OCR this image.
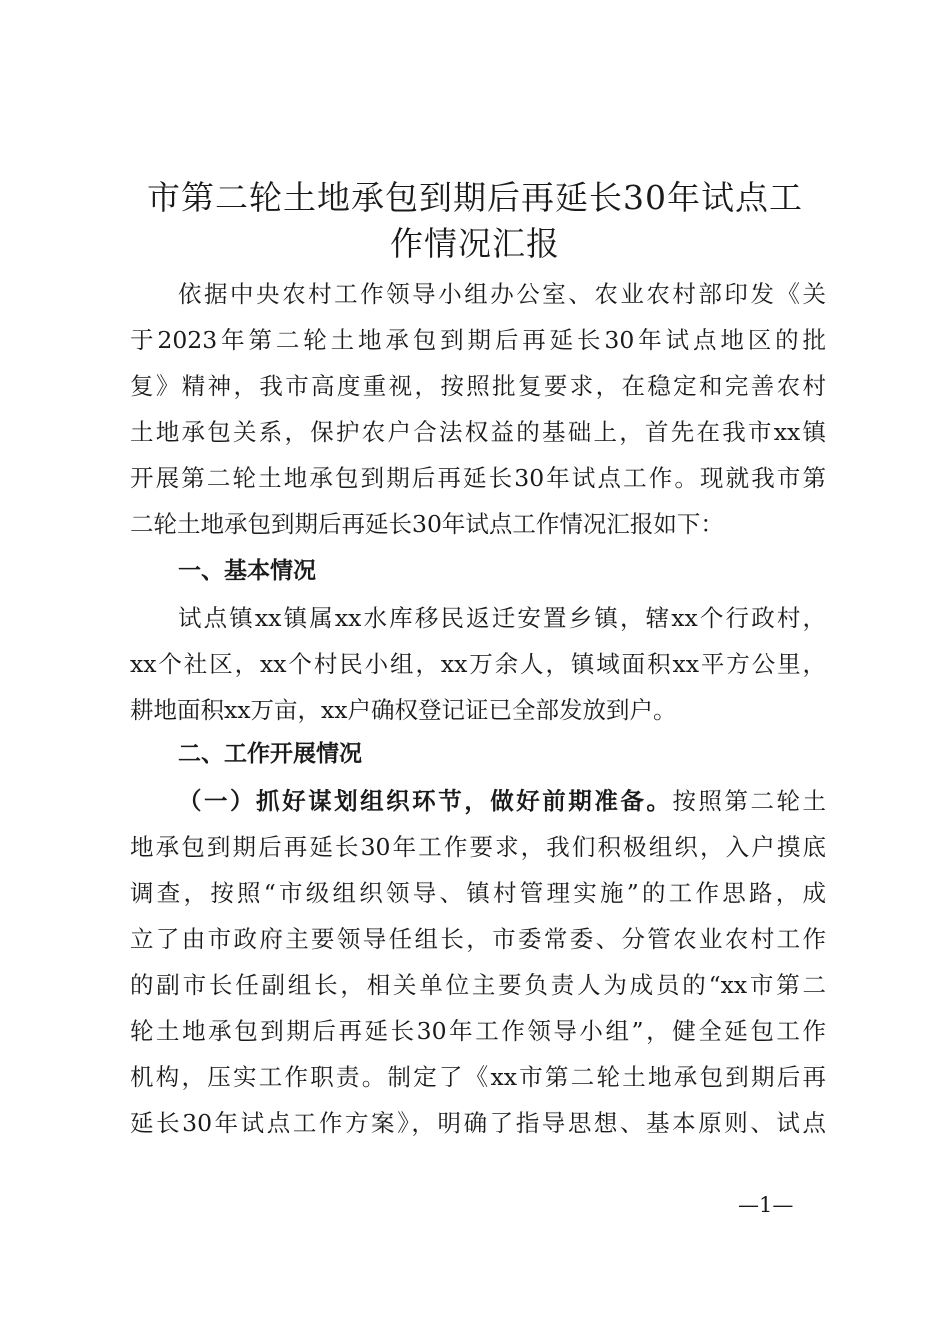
市第二轮土地承包到期后再延长30年试点工
作情况汇报

依据中央农村工作领导小组办公室、农业农村部印发《关

于2023年第二轮土地承包到期后再延长30年试点地区的批

复》精神，我市高度重视，按照批复要求，在稳定和完善农村

土地承包关系，保护农户合法权益的基础上，首先在我市xx镇

开展第二轮土地承包到期后再延长30年试点工作。现就我市第

二轮土地承包到期后再延长30年试点工作情况汇报如下：

一、基本情况

试点镇xx镇属xx水库移民返迁安置乡镇，辖xx个行政村，

xx个社区，xx个村民小组，xx万余人，镇域面积xx平方公里，

耕地面积xx万亩，xx户确权登记证已全部发放到户。

二、工作开展情况

（一）抓好谋划组织环节，做好前期准备。按照第二轮土

地承包到期后再延长30年工作要求，我们积极组织，入户摸底

调查，按照“市级组织领导、镇村管理实施”的工作思路，成

立了由市政府主要领导任组长，市委常委、分管农业农村工作

的副市长任副组长，相关单位主要负责人为成员的“xx市第二

轮土地承包到期后再延长30年工作领导小组”，健全延包工作

机构，压实工作职责。制定了《xx市第二轮土地承包到期后再

延长30年试点工作方案》，明确了指导思想、基本原则、试点

—1—
